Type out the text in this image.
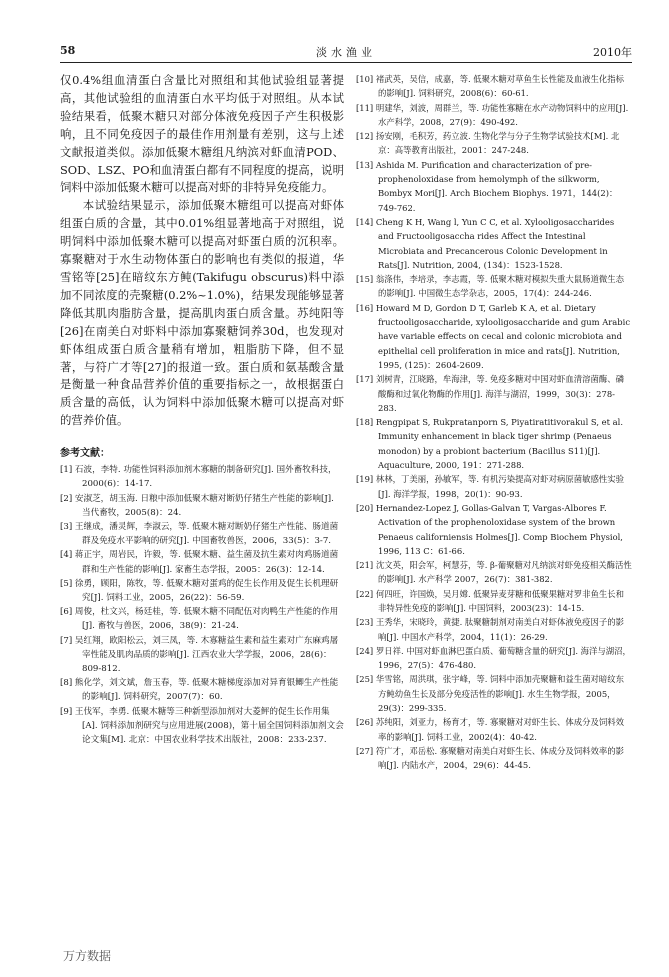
58	淡水渔业	2010年

仅0.4%组血清蛋白含量比对照组和其他试验组显著提高，其他试验组的血清蛋白水平均低于对照组。从本试验结果看，低聚木糖只对部分体液免疫因子产生积极影响，且不同免疫因子的最佳作用剂量有差别，这与上述文献报道类似。添加低聚木糖组凡纳滨对虾血清POD、SOD、LSZ、PO和血清蛋白都有不同程度的提高，说明饲料中添加低聚木糖可以提高对虾的非特异免疫能力。

本试验结果显示，添加低聚木糖组可以提高对虾体组蛋白质的含量，其中0.01%组显著地高于对照组，说明饲料中添加低聚木糖可以提高对虾蛋白质的沉积率。寡聚糖对于水生动物体蛋白的影响也有类似的报道，华雪铭等[25]在暗纹东方鲀(Takifugu obscurus)料中添加不同浓度的壳聚糖(0.2%~1.0%)，结果发现能够显著降低其肌肉脂肪含量，提高肌肉蛋白质含量。苏纯阳等[26]在南美白对虾料中添加寡聚糖饲养30d，也发现对虾体组成蛋白质含量稍有增加，粗脂肪下降，但不显著，与符广才等[27]的报道一致。蛋白质和氨基酸含量是衡量一种食品营养价值的重要指标之一，故根据蛋白质含量的高低，认为饲料中添加低聚木糖可以提高对虾的营养价值。

参考文献：

[1] 石波，李特. 功能性饲料添加剂木寡糖的制备研究[J]. 国外畜牧科技，2000(6)：14-17.

[2] 安淑芝，胡玉海. 日粮中添加低聚木糖对断奶仔猪生产性能的影响[J]. 当代畜牧，2005(8)：24.

[3] 王继成，潘灵辉，李淑云，等. 低聚木糖对断奶仔猪生产性能、肠道菌群及免疫水平影响的研究[J]. 中国畜牧兽医，2006，33(5)：3-7.

[4] 蒋正宇，周岩民，许毅，等. 低聚木糖、益生菌及抗生素对肉鸡肠道菌群和生产性能的影响[J]. 家畜生态学报，2005：26(3)：12-14.

[5] 徐勇，顾阳，陈牧，等. 低聚木糖对蛋鸡的促生长作用及促生长机理研究[J]. 饲料工业，2005，26(22)：56-59.

[6] 周俊，杜文兴，杨廷桂，等. 低聚木糖不同配伍对肉鸭生产性能的作用[J]. 畜牧与兽医，2006，38(9)：21-24.

[7] 吴红翔，欧阳松云，刘三凤，等. 木寡糖益生素和益生素对广东麻鸡屠宰性能及肌肉品质的影响[J]. 江西农业大学学报，2006，28(6)：809-812.

[8] 熊化学，刘文斌，詹玉春，等. 低聚木糖梯度添加对异育银鲫生产性能的影响[J]. 饲料研究，2007(7)：60.

[9] 王伐军，李勇. 低聚木糖等三种新型添加剂对大菱鲆的促生长作用集[A]. 饲料添加剂研究与应用进展(2008)，第十届全国饲料添加剂文会论文集[M]. 北京：中国农业科学技术出版社，2008：233-237.

[10] 褚武英，吴信，成嘉，等. 低聚木糖对草鱼生长性能及血液生化指标的影响[J]. 饲料研究，2008(6)：60-61.

[11] 明建华，刘波，周群兰，等. 功能性寡糖在水产动物饲料中的应用[J]. 水产科学，2008，27(9)：490-492.

[12] 扬安刚，毛积芳，药立波. 生物化学与分子生物学试验技术[M]. 北京：高等教育出版社，2001：247-248.

[13] Ashida M. Purification and characterization of pre-prophenoloxidase from hemolymph of the silkworm, Bombyx Mori[J]. Arch Biochem Biophys. 1971，144(2)：749-762.

[14] Cheng K H, Wang l, Yun C C, et al. Xylooligosaccharides and Fructooligosaccha rides Affect the Intestinal Microbiata and Precancerous Colonic Development in Rats[J]. Nutrition, 2004, (134)：1523-1528.

[15] 翁涤伟，李培录，李志霞，等. 低聚木糖对模拟失重大鼠肠道微生态的影响[J]. 中国微生态学杂志，2005，17(4)：244-246.

[16] Howard M D, Gordon D T, Garleb K A, et al. Dietary fructooligosaccharide, xylooligosaccharide and gum Arabic have variable effects on cecal and colonic microbiota and epithelial cell proliferation in mice and rats[J]. Nutrition, 1995, (125)：2604-2609.

[17] 刘树青，江晓路，牟海津，等. 免疫多糖对中国对虾血清溶菌酶、磷酸酶和过氧化物酶的作用[J]. 海洋与湖沼，1999，30(3)：278-283.

[18] Rengpipat S, Rukpratanporn S, Piyatiratitivorakul S, et al. Immunity enhancement in black tiger shrimp (Penaeus monodon) by a probiont bacterium (Bacillus S11)[J]. Aquaculture, 2000, 191：271-288.

[19] 林林，丁美丽，孙敏军，等. 有机污染提高对虾对病原菌敏感性实验[J]. 海洋学报，1998，20(1)：90-93.

[20] Hernandez-Lopez J, Gollas-Galvan T, Vargas-Albores F. Activation of the prophenoloxidase system of the brown Penaeus californiensis Holmes[J]. Comp Biochem Physiol, 1996, 113 C：61-66.

[21] 沈文英，阳会军，柯慧芬，等. β-葡聚糖对凡纳滨对虾免疫相关酶活性的影响[J]. 水产科学 2007，26(7)：381-382.

[22] 何四旺，许国焕，吴月嫦. 低聚异麦芽糖和低聚果糖对罗非鱼生长和非特异性免疫的影响[J]. 中国饲料，2003(23)：14-15.

[23] 王秀华，宋晓玲，黄捷. 肽聚糖制剂对南美白对虾体液免疫因子的影响[J]. 中国水产科学，2004，11(1)：26-29.

[24] 罗日祥. 中国对虾血淋巴蛋白质、葡萄糖含量的研究[J]. 海洋与湖沼，1996，27(5)：476-480.

[25] 华雪铭，周洪琪，张宇峰，等. 饲料中添加壳聚糖和益生菌对暗纹东方鲀幼鱼生长及部分免疫活性的影响[J]. 水生生物学报，2005，29(3)：299-335.

[26] 苏纯阳，刘亚力，杨育才，等. 寡聚糖对对虾生长、体成分及饲料效率的影响[J]. 饲料工业，2002(4)：40-42.

[27] 符广才，邓岳松. 寡聚糖对南美白对虾生长、体成分及饲料效率的影响[J]. 内陆水产，2004，29(6)：44-45.

万方数据
